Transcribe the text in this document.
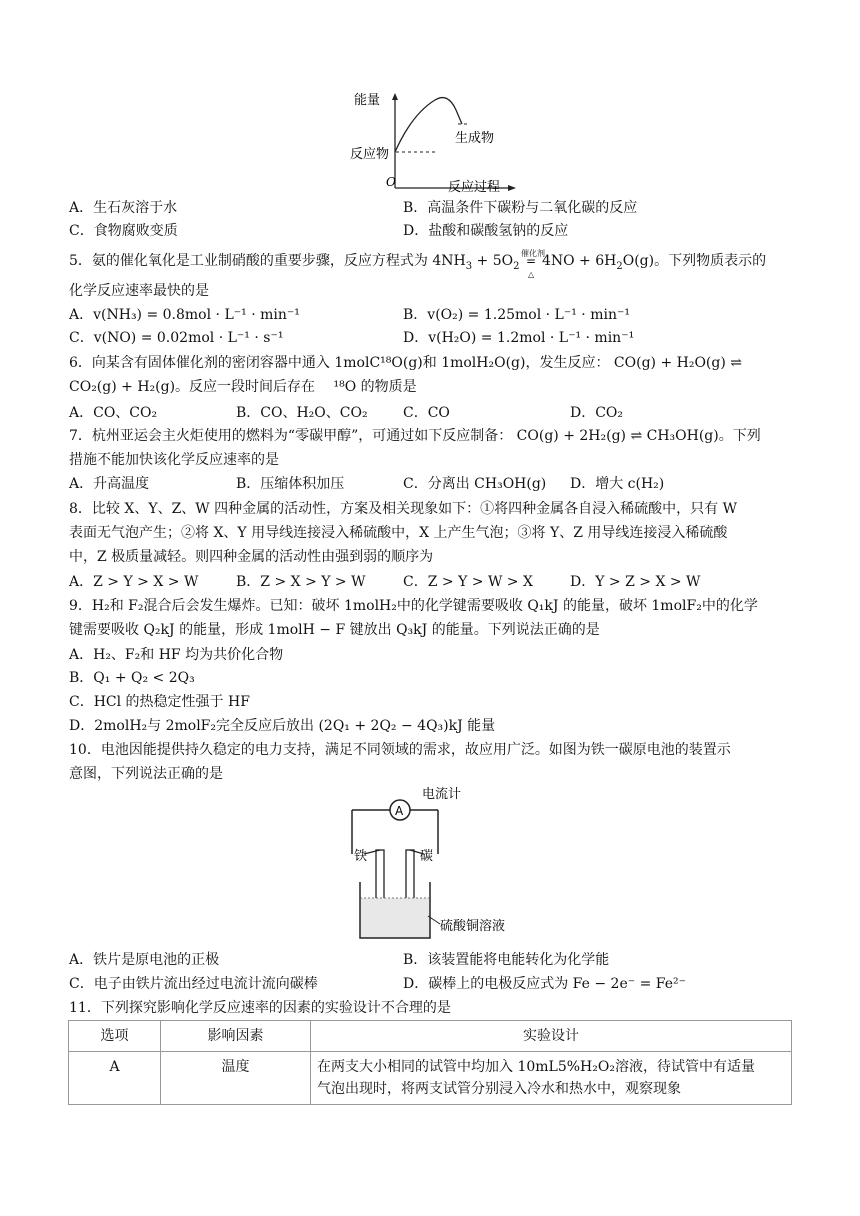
能量
生成物
反应物
O	反应过程
A．生石灰溶于水	B．高温条件下碳粉与二氧化碳的反应
C．食物腐败变质	D．盐酸和碳酸氢钠的反应
5．氨的催化氧化是工业制硝酸的重要步骤，反应方程式为 $4NH_3 + 5O_2$
催化剂
=
△
$4NO + 6H_2O(g)$。下列物质表示的
化学反应速率最快的是
A．v(NH₃) = 0.8mol · L⁻¹ · min⁻¹	B．v(O₂) = 1.25mol · L⁻¹ · min⁻¹
C．v(NO) = 0.02mol · L⁻¹ · s⁻¹	D．v(H₂O) = 1.2mol · L⁻¹ · min⁻¹
6．向某含有固体催化剂的密闭容器中通入 1molC¹⁸O(g)和 1molH₂O(g)，发生反应： CO(g) + H₂O(g) ⇌
CO₂(g) + H₂(g)。反应一段时间后存在　 ¹⁸O 的物质是
A．CO、CO₂	B．CO、H₂O、CO₂	C．CO	D．CO₂
7．杭州亚运会主火炬使用的燃料为“零碳甲醇”，可通过如下反应制备： CO(g) + 2H₂(g) ⇌ CH₃OH(g)。下列
措施不能加快该化学反应速率的是
A．升高温度	B．压缩体积加压	C．分离出 CH₃OH(g) D．增大 c(H₂)
8．比较 X、Y、Z、W 四种金属的活动性，方案及相关现象如下：①将四种金属各自浸入稀硫酸中，只有 W
表面无气泡产生；②将 X、Y 用导线连接浸入稀硫酸中，X 上产生气泡；③将 Y、Z 用导线连接浸入稀硫酸
中，Z 极质量减轻。则四种金属的活动性由强到弱的顺序为
A．Z > Y > X > W	B．Z > X > Y > W	C．Z > Y > W > X	D．Y > Z > X > W
9．H₂和 F₂混合后会发生爆炸。已知：破坏 1molH₂中的化学键需要吸收 Q₁kJ 的能量，破坏 1molF₂中的化学
键需要吸收 Q₂kJ 的能量，形成 1molH − F 键放出 Q₃kJ 的能量。下列说法正确的是
A．H₂、F₂和 HF 均为共价化合物
B．Q₁ + Q₂ < 2Q₃
C．HCl 的热稳定性强于 HF
D．2molH₂与 2molF₂完全反应后放出 (2Q₁ + 2Q₂ − 4Q₃)kJ 能量
10．电池因能提供持久稳定的电力支持，满足不同领域的需求，故应用广泛。如图为铁一碳原电池的装置示
意图，下列说法正确的是
A
电流计
铁	碳
硫酸铜溶液
A．铁片是原电池的正极	B．该装置能将电能转化为化学能
C．电子由铁片流出经过电流计流向碳棒	D．碳棒上的电极反应式为 Fe − 2e⁻ = Fe²⁻
11．下列探究影响化学反应速率的因素的实验设计不合理的是
选项	影响因素	实验设计
A	温度	在两支大小相同的试管中均加入 10mL5%H₂O₂溶液，待试管中有适量
气泡出现时，将两支试管分别浸入冷水和热水中，观察现象
